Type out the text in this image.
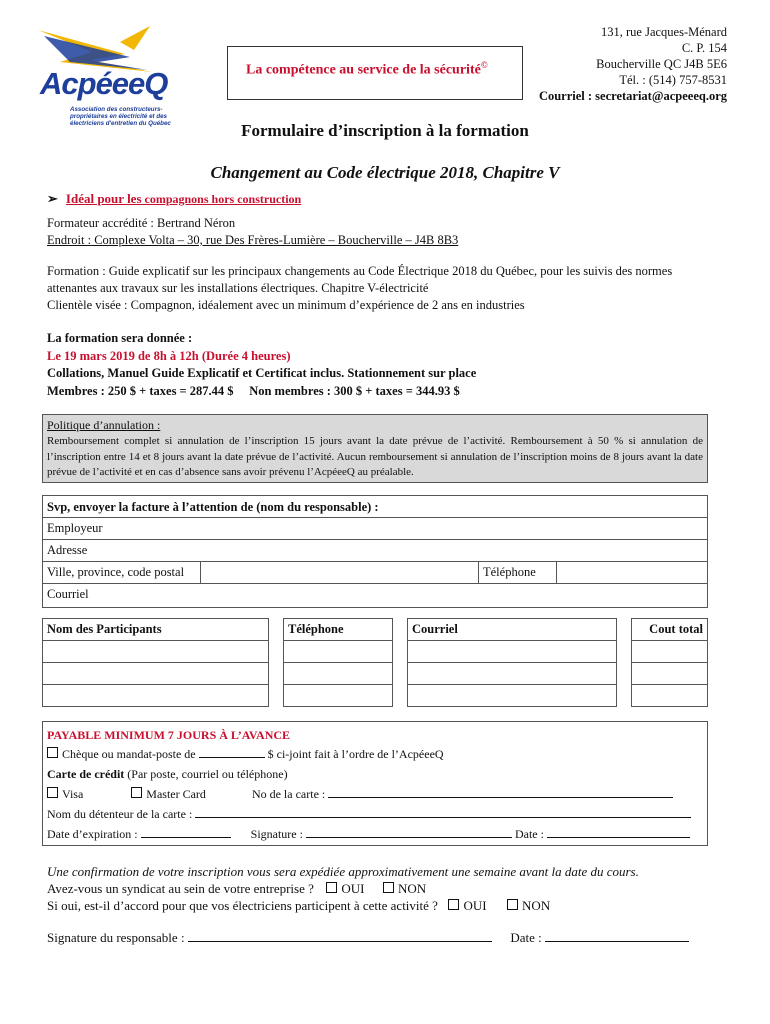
AcpéeeQ
Association des constructeurs-propriétaires en électricité et des électriciens d'entretien du Québec
La compétence au service de la sécurité©
131, rue Jacques-Ménard
C. P. 154
Boucherville QC J4B 5E6
Tél. : (514) 757-8531
Courriel : secretariat@acpeeeq.org
Formulaire d’inscription à la formation
Changement au Code électrique 2018, Chapitre V
➢ Idéal pour les compagnons hors construction
Formateur accrédité : Bertrand Néron
Endroit : Complexe Volta – 30, rue Des Frères-Lumière – Boucherville – J4B 8B3
Formation : Guide explicatif sur les principaux changements au Code Électrique 2018 du Québec, pour les suivis des normes attenantes aux travaux sur les installations électriques. Chapitre V-électricité
Clientèle visée : Compagnon, idéalement avec un minimum d’expérience de 2 ans en industries
La formation sera donnée :
Le 19 mars 2019 de 8h à 12h (Durée 4 heures)
Collations, Manuel Guide Explicatif et Certificat inclus. Stationnement sur place
Membres : 250 $ + taxes = 287.44 $ Non membres : 300 $ + taxes = 344.93 $
Politique d’annulation :
Remboursement complet si annulation de l’inscription 15 jours avant la date prévue de l’activité. Remboursement à 50 % si annulation de l’inscription entre 14 et 8 jours avant la date prévue de l’activité. Aucun remboursement si annulation de l’inscription moins de 8 jours avant la date prévue de l’activité et en cas d’absence sans avoir prévenu l’AcpéeeQ au préalable.
Svp, envoyer la facture à l’attention de (nom du responsable) :
Employeur
Adresse
Ville, province, code postal	Téléphone
Courriel
Nom des Participants		Téléphone		Courriel		Cout total

PAYABLE MINIMUM 7 JOURS À L’AVANCE
Chèque ou mandat-poste de	$ ci-joint fait à l’ordre de l’AcpéeeQ
Carte de crédit (Par poste, courriel ou téléphone)
Visa	Master Card	No de la carte :
Nom du détenteur de la carte :
Date d’expiration :	Signature :	Date :
Une confirmation de votre inscription vous sera expédiée approximativement une semaine avant la date du cours.
Avez-vous un syndicat au sein de votre entreprise ? OUI	NON
Si oui, est-il d’accord pour que vos électriciens participent à cette activité ? OUI	NON
Signature du responsable :	Date :
